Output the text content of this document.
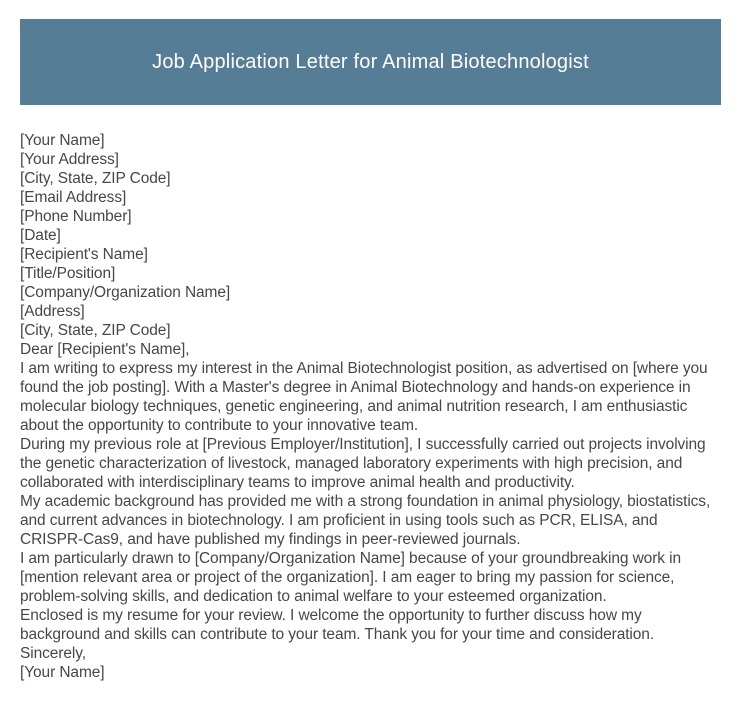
Job Application Letter for Animal Biotechnologist
[Your Name]
[Your Address]
[City, State, ZIP Code]
[Email Address]
[Phone Number]
[Date]
[Recipient's Name]
[Title/Position]
[Company/Organization Name]
[Address]
[City, State, ZIP Code]
Dear [Recipient's Name],

I am writing to express my interest in the Animal Biotechnologist position, as advertised on [where you found the job posting]. With a Master's degree in Animal Biotechnology and hands-on experience in molecular biology techniques, genetic engineering, and animal nutrition research, I am enthusiastic about the opportunity to contribute to your innovative team.

During my previous role at [Previous Employer/Institution], I successfully carried out projects involving the genetic characterization of livestock, managed laboratory experiments with high precision, and collaborated with interdisciplinary teams to improve animal health and productivity.

My academic background has provided me with a strong foundation in animal physiology, biostatistics, and current advances in biotechnology. I am proficient in using tools such as PCR, ELISA, and CRISPR-Cas9, and have published my findings in peer-reviewed journals.

I am particularly drawn to [Company/Organization Name] because of your groundbreaking work in [mention relevant area or project of the organization]. I am eager to bring my passion for science, problem-solving skills, and dedication to animal welfare to your esteemed organization.

Enclosed is my resume for your review. I welcome the opportunity to further discuss how my background and skills can contribute to your team. Thank you for your time and consideration.

Sincerely,
[Your Name]
